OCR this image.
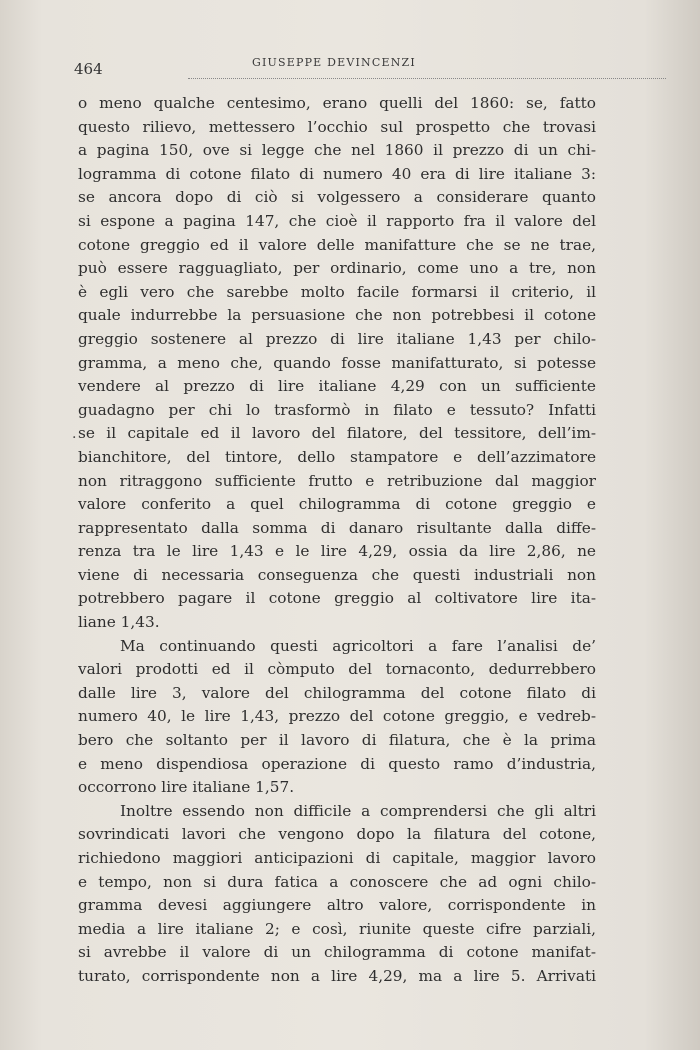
464	GIUSEPPE DEVINCENZI
.
o meno qualche centesimo, erano quelli del 1860: se, fatto
questo rilievo, mettessero l’occhio sul prospetto che trovasi
a pagina 150, ove si legge che nel 1860 il prezzo di un chi-
logramma di cotone filato di numero 40 era di lire italiane 3:
se ancora dopo di ciò si volgessero a considerare quanto
si espone a pagina 147, che cioè il rapporto fra il valore del
cotone greggio ed il valore delle manifatture che se ne trae,
può essere ragguagliato, per ordinario, come uno a tre, non
è egli vero che sarebbe molto facile formarsi il criterio, il
quale indurrebbe la persuasione che non potrebbesi il cotone
greggio sostenere al prezzo di lire italiane 1,43 per chilo-
gramma, a meno che, quando fosse manifatturato, si potesse
vendere al prezzo di lire italiane 4,29 con un sufficiente
guadagno per chi lo trasformò in filato e tessuto? Infatti
se il capitale ed il lavoro del filatore, del tessitore, dell’im-
bianchitore, del tintore, dello stampatore e dell’azzimatore
non ritraggono sufficiente frutto e retribuzione dal maggior
valore conferito a quel chilogramma di cotone greggio e
rappresentato dalla somma di danaro risultante dalla diffe-
renza tra le lire 1,43 e le lire 4,29, ossia da lire 2,86, ne
viene di necessaria conseguenza che questi industriali non
potrebbero pagare il cotone greggio al coltivatore lire ita-
liane 1,43.
Ma continuando questi agricoltori a fare l’analisi de’
valori prodotti ed il còmputo del tornaconto, dedurrebbero
dalle lire 3, valore del chilogramma del cotone filato di
numero 40, le lire 1,43, prezzo del cotone greggio, e vedreb-
bero che soltanto per il lavoro di filatura, che è la prima
e meno dispendiosa operazione di questo ramo d’industria,
occorrono lire italiane 1,57.
Inoltre essendo non difficile a comprendersi che gli altri
sovrindicati lavori che vengono dopo la filatura del cotone,
richiedono maggiori anticipazioni di capitale, maggior lavoro
e tempo, non si dura fatica a conoscere che ad ogni chilo-
gramma devesi aggiungere altro valore, corrispondente in
media a lire italiane 2; e così, riunite queste cifre parziali,
si avrebbe il valore di un chilogramma di cotone manifat-
turato, corrispondente non a lire 4,29, ma a lire 5. Arrivati
